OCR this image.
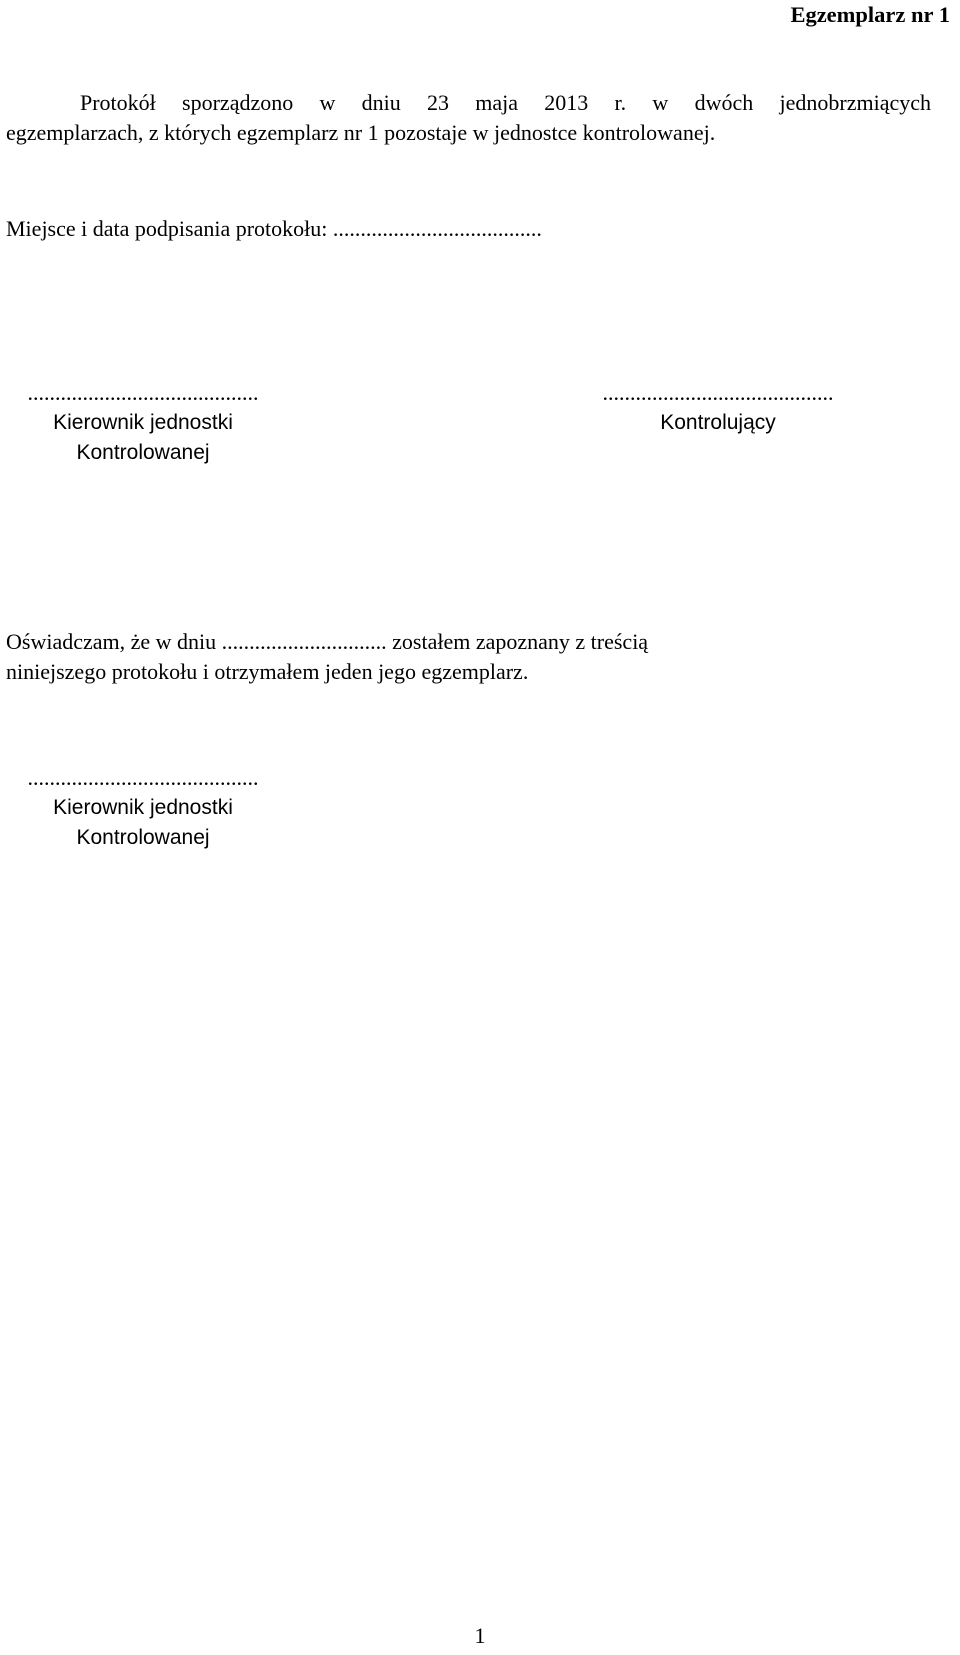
Egzemplarz nr 1
Protokół sporządzono w dniu 23 maja 2013 r. w dwóch jednobrzmiących
egzemplarzach, z których egzemplarz nr 1 pozostaje w jednostce kontrolowanej.
Miejsce i data podpisania protokołu: ......................................
..........................................
Kierownik jednostki
Kontrolowanej
..........................................
Kontrolujący
Oświadczam, że w dniu .............................. zostałem zapoznany z treścią
niniejszego protokołu i otrzymałem jeden jego egzemplarz.
..........................................
Kierownik jednostki
Kontrolowanej
1
